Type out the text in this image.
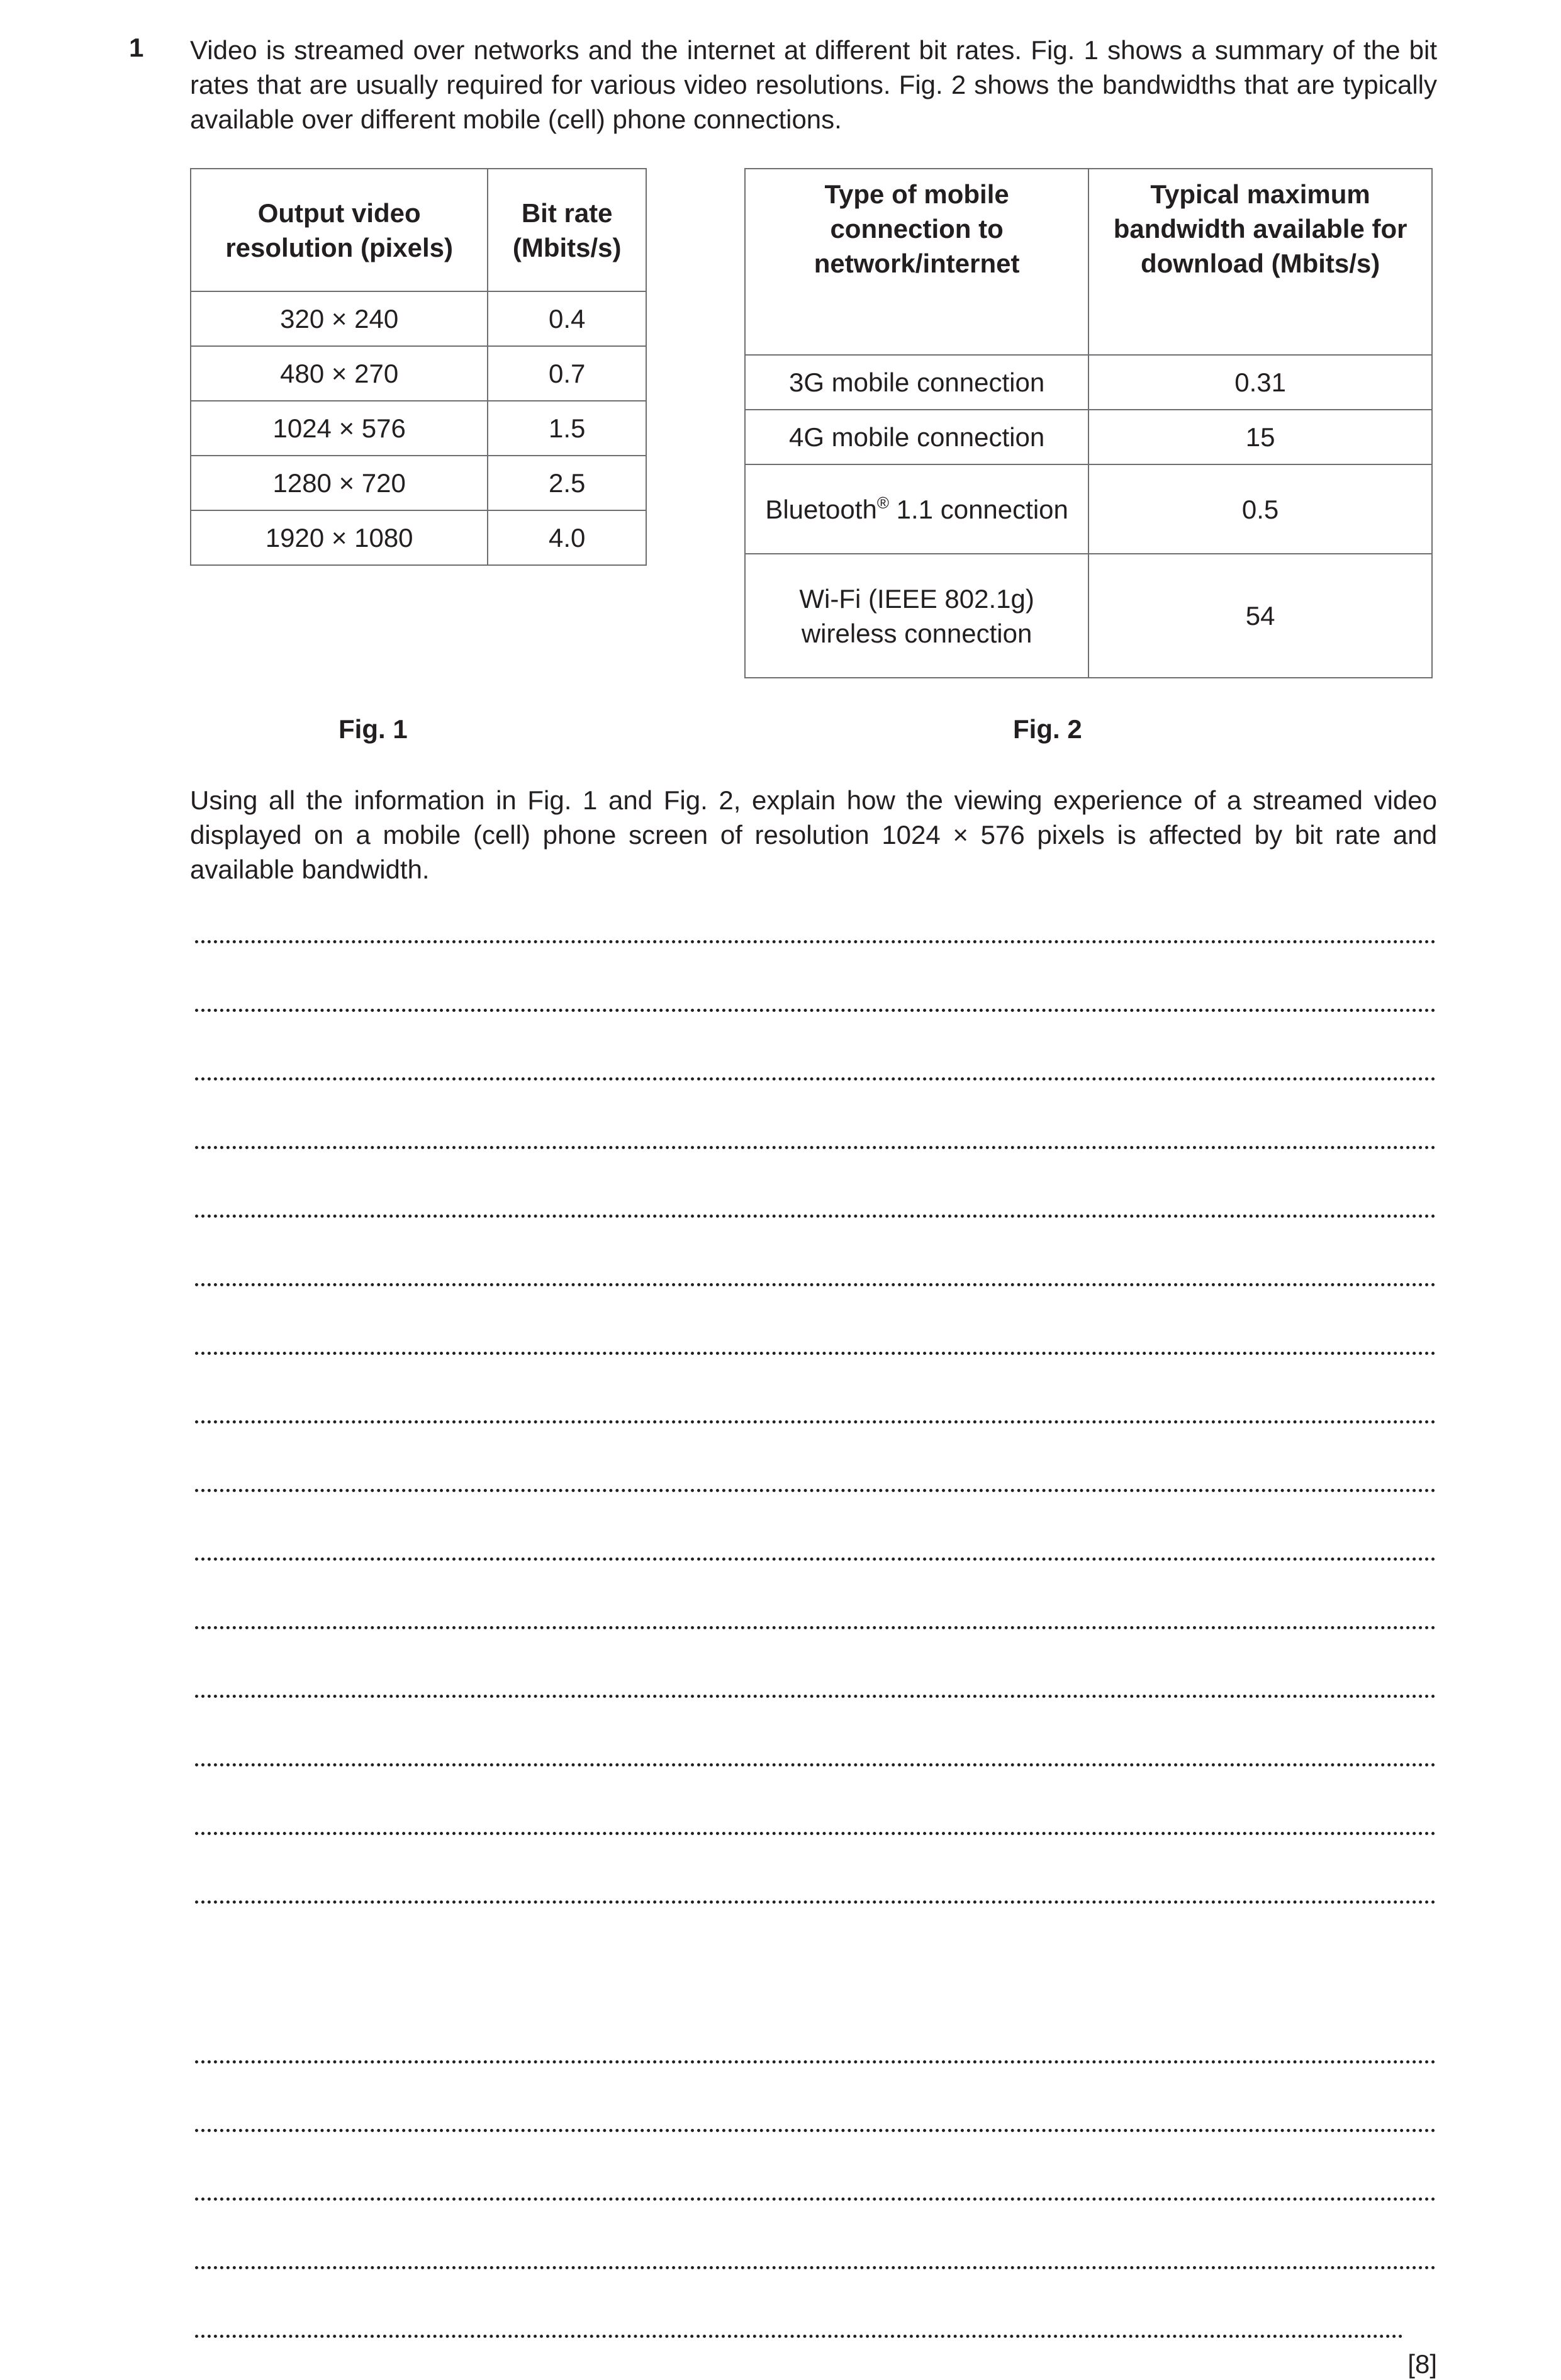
1 Video is streamed over networks and the internet at different bit rates. Fig. 1 shows a summary of the bit rates that are usually required for various video resolutions. Fig. 2 shows the bandwidths that are typically available over different mobile (cell) phone connections.
Output video resolution (pixels)	Bit rate (Mbits/s)
320 × 240	0.4
480 × 270	0.7
1024 × 576	1.5
1280 × 720	2.5
1920 × 1080	4.0
Type of mobile connection to network/internet	Typical maximum bandwidth available for download (Mbits/s)
3G mobile connection	0.31
4G mobile connection	15
Bluetooth® 1.1 connection	0.5
Wi-Fi (IEEE 802.1g) wireless connection	54
Fig. 1	Fig. 2
Using all the information in Fig. 1 and Fig. 2, explain how the viewing experience of a streamed video displayed on a mobile (cell) phone screen of resolution 1024 × 576 pixels is affected by bit rate and available bandwidth.
[8]
